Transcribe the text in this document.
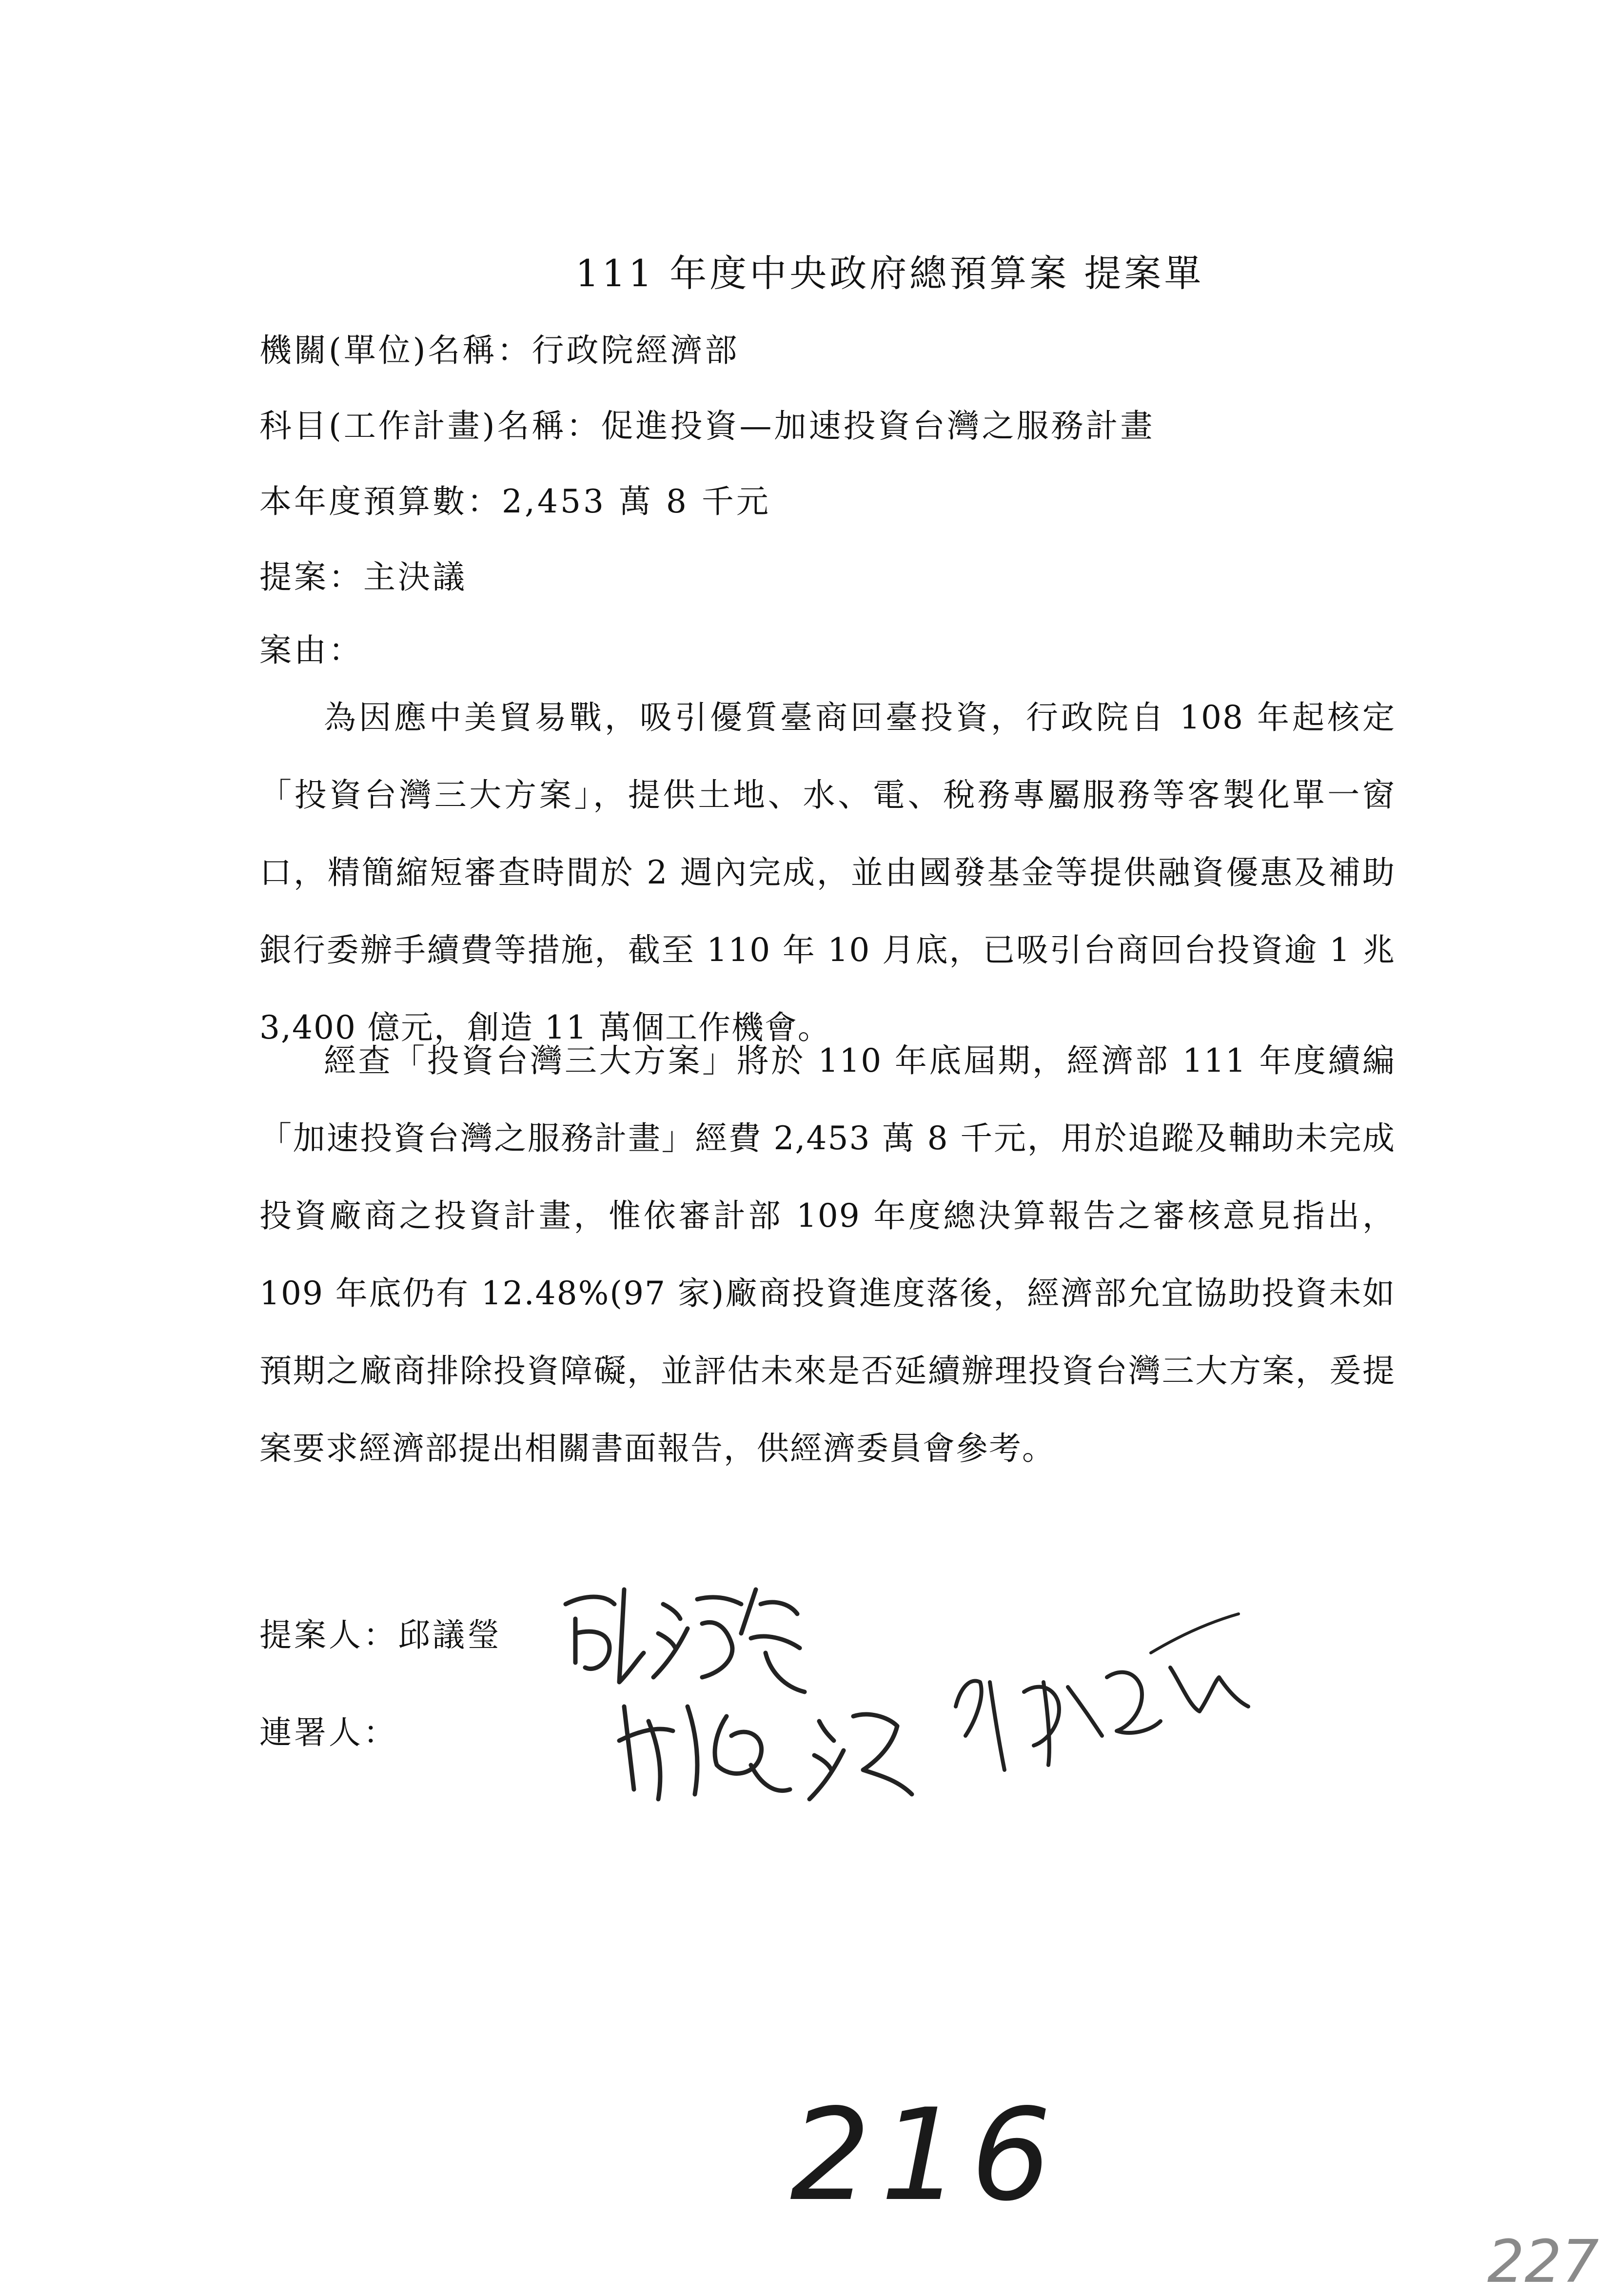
111 年度中央政府總預算案 提案單
機關(單位)名稱：行政院經濟部
科目(工作計畫)名稱：促進投資—加速投資台灣之服務計畫
本年度預算數：2,453 萬 8 千元
提案：主決議
案由：

為因應中美貿易戰，吸引優質臺商回臺投資，行政院自 108 年起核定「投資台灣三大方案」，提供土地、水、電、稅務專屬服務等客製化單一窗口，精簡縮短審查時間於 2 週內完成，並由國發基金等提供融資優惠及補助銀行委辦手續費等措施，截至 110 年 10 月底，已吸引台商回台投資逾 1 兆 3,400 億元，創造 11 萬個工作機會。

經查「投資台灣三大方案」將於 110 年底屆期，經濟部 111 年度續編「加速投資台灣之服務計畫」經費 2,453 萬 8 千元，用於追蹤及輔助未完成投資廠商之投資計畫，惟依審計部 109 年度總決算報告之審核意見指出，109 年底仍有 12.48%(97 家)廠商投資進度落後，經濟部允宜協助投資未如預期之廠商排除投資障礙，並評估未來是否延續辦理投資台灣三大方案，爰提案要求經濟部提出相關書面報告，供經濟委員會參考。

提案人：邱議瑩
連署人：
216
227
